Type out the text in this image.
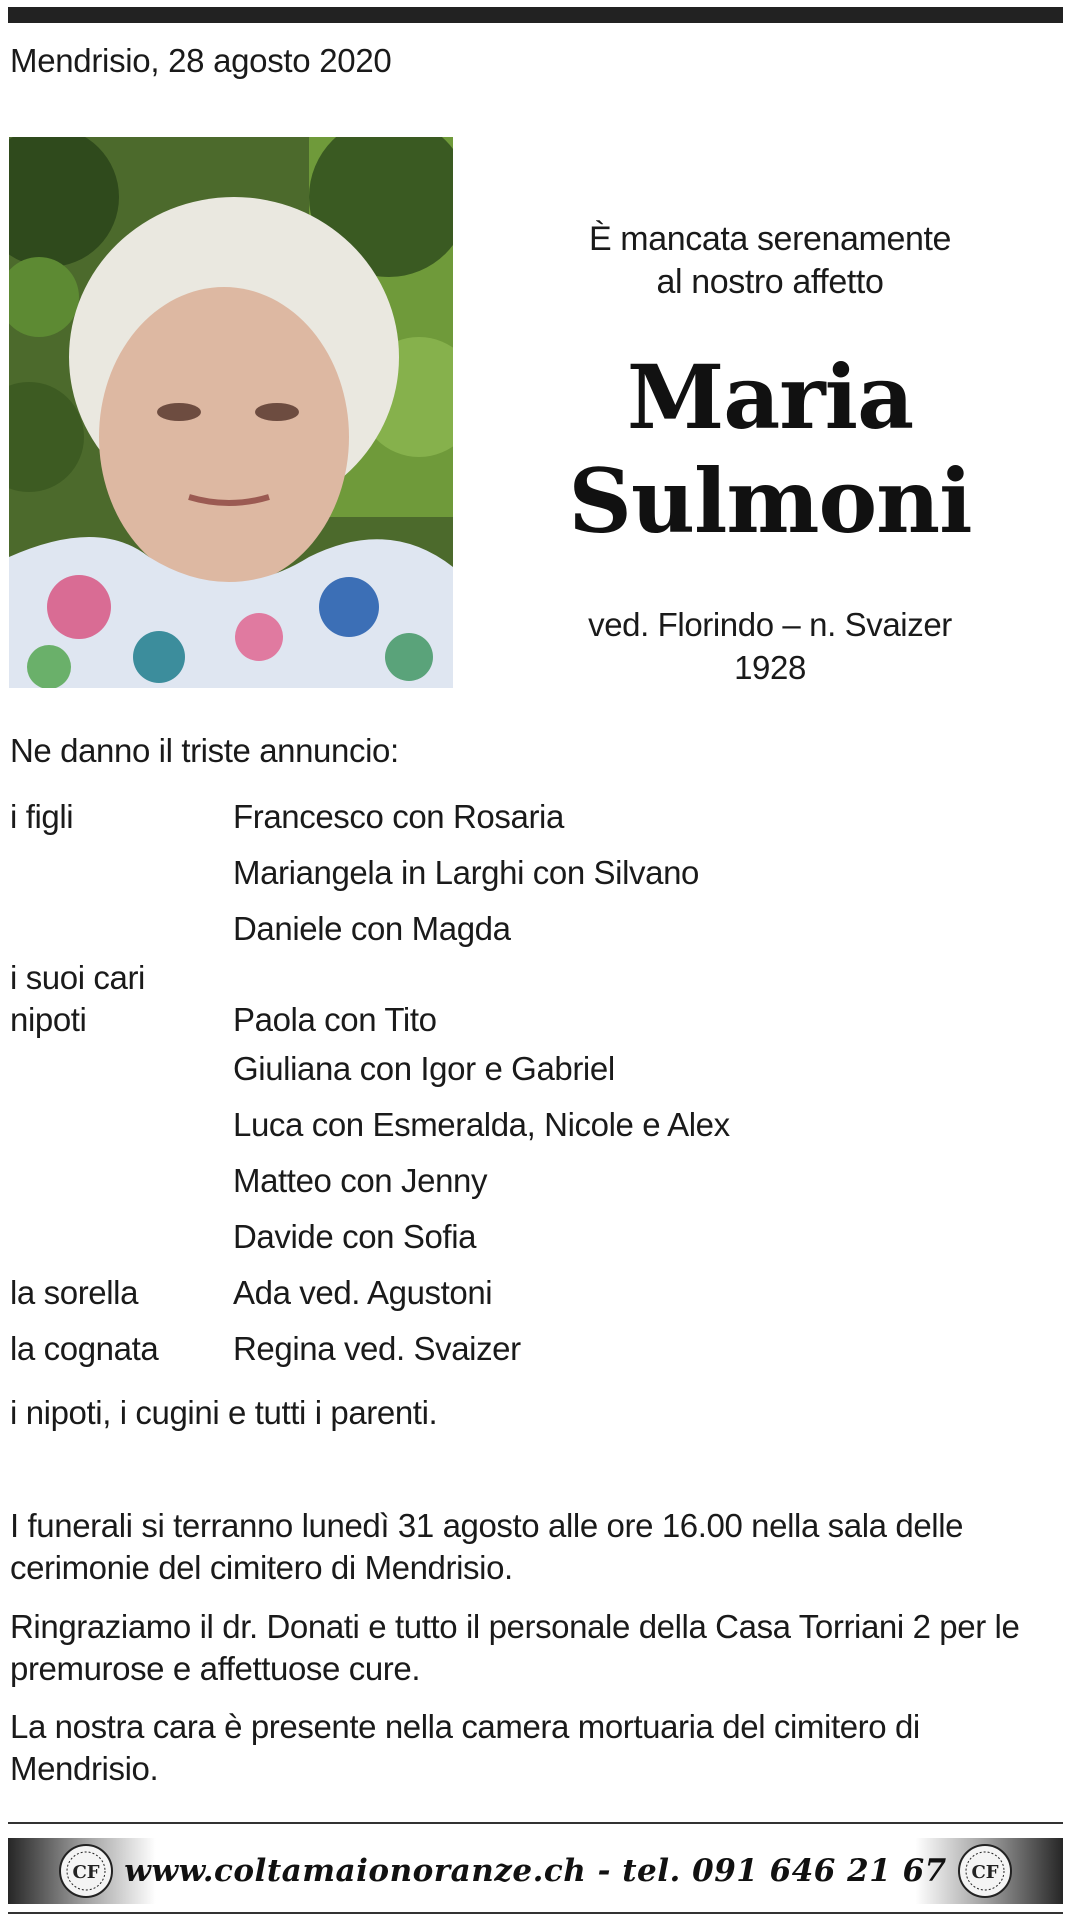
Mendrisio, 28 agosto 2020
È mancata serenamente
al nostro affetto
Maria
Sulmoni
ved. Florindo – n. Svaizer
1928
Ne danno il triste annuncio:
i figli	Francesco con Rosaria
Mariangela in Larghi con Silvano
Daniele con Magda
i suoi cari
nipoti	Paola con Tito
Giuliana con Igor e Gabriel
Luca con Esmeralda, Nicole e Alex
Matteo con Jenny
Davide con Sofia
la sorella	Ada ved. Agustoni
la cognata	Regina ved. Svaizer
i nipoti, i cugini e tutti i parenti.
I funerali si terranno lunedì 31 agosto alle ore 16.00 nella sala delle cerimonie del cimitero di Mendrisio.
Ringraziamo il dr. Donati e tutto il personale della Casa Torriani 2 per le premurose e affettuose cure.
La nostra cara è presente nella camera mortuaria del cimitero di Mendrisio.
CF www.coltamaionoranze.ch - tel. 091 646 21 67	CF
